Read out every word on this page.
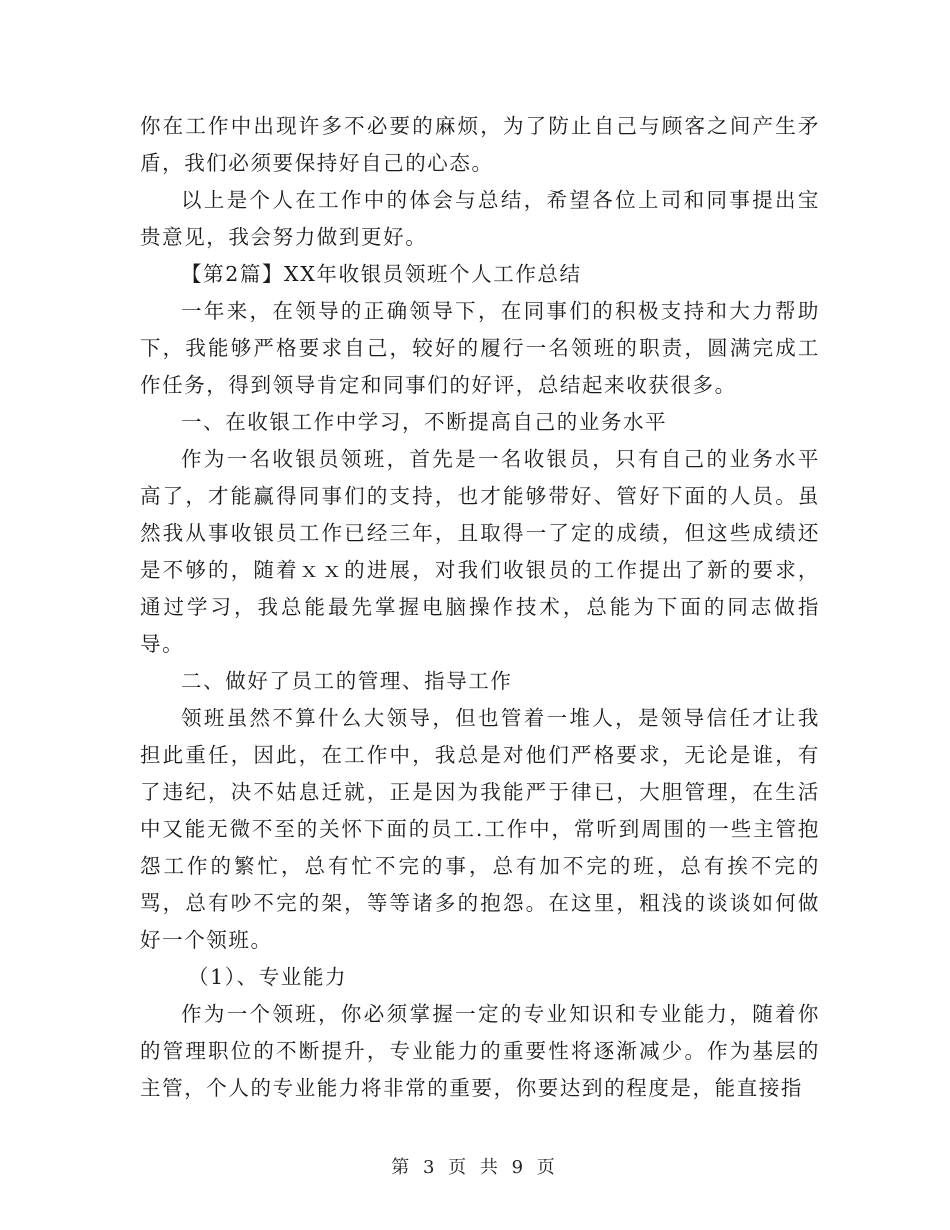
你在工作中出现许多不必要的麻烦，为了防止自己与顾客之间产生矛盾，我们必须要保持好自己的心态。

以上是个人在工作中的体会与总结，希望各位上司和同事提出宝贵意见，我会努力做到更好。

【第2篇】XX年收银员领班个人工作总结

一年来，在领导的正确领导下，在同事们的积极支持和大力帮助下，我能够严格要求自己，较好的履行一名领班的职责，圆满完成工作任务，得到领导肯定和同事们的好评，总结起来收获很多。

一、在收银工作中学习，不断提高自己的业务水平

作为一名收银员领班，首先是一名收银员，只有自己的业务水平高了，才能赢得同事们的支持，也才能够带好、管好下面的人员。虽然我从事收银员工作已经三年，且取得一了定的成绩，但这些成绩还是不够的，随着ｘｘ的进展，对我们收银员的工作提出了新的要求，通过学习，我总能最先掌握电脑操作技术，总能为下面的同志做指导。

二、做好了员工的管理、指导工作

领班虽然不算什么大领导，但也管着一堆人，是领导信任才让我担此重任，因此，在工作中，我总是对他们严格要求，无论是谁，有了违纪，决不姑息迁就，正是因为我能严于律已，大胆管理，在生活中又能无微不至的关怀下面的员工.工作中，常听到周围的一些主管抱怨工作的繁忙，总有忙不完的事，总有加不完的班，总有挨不完的骂，总有吵不完的架，等等诸多的抱怨。在这里，粗浅的谈谈如何做好一个领班。

（1）、专业能力

作为一个领班，你必须掌握一定的专业知识和专业能力，随着你的管理职位的不断提升，专业能力的重要性将逐渐减少。作为基层的主管，个人的专业能力将非常的重要，你要达到的程度是，能直接指

第 3 页 共 9 页
